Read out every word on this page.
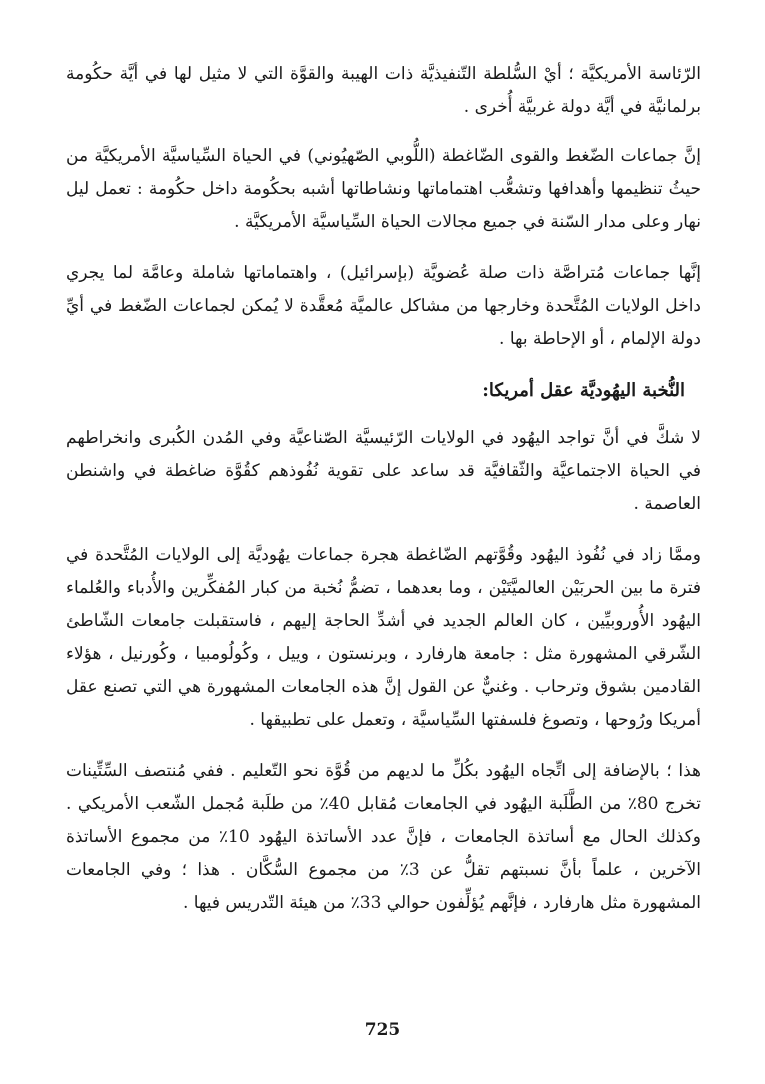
الرّئاسة الأمريكيَّة ؛ أيْ السُّلطة التّنفيذيَّة ذات الهيبة والقوَّة التي لا مثيل لها في أيَّة حكُومة برلمانيَّة في أيَّة دولة غربيَّة أُخرى .

إنَّ جماعات الضّغط والقوى الضّاغطة (اللُّوبي الصّهيُوني) في الحياة السِّياسيَّة الأمريكيَّة من حيثُ تنظيمها وأهدافها وتشعُّب اهتماماتها ونشاطاتها أشبه بحكُومة داخل حكُومة : تعمل ليل نهار وعلى مدار السّنة في جميع مجالات الحياة السِّياسيَّة الأمريكيَّة .

إنَّها جماعات مُتراصَّة ذات صلة عُضويَّة (بإسرائيل) ، واهتماماتها شاملة وعامَّة لما يجري داخل الولايات المُتَّحدة وخارجها من مشاكل عالميَّة مُعقَّدة لا يُمكن لجماعات الضّغط في أيِّ دولة الإلمام ، أو الإحاطة بها .

النُّخبة اليهُوديَّة عقل أمريكا:

لا شكَّ في أنَّ تواجد اليهُود في الولايات الرّئيسيَّة الصّناعيَّة وفي المُدن الكُبرى وانخراطهم في الحياة الاجتماعيَّة والثّقافيَّة قد ساعد على تقوية نُفُوذهم كقُوَّة ضاغطة في واشنطن العاصمة .

وممَّا زاد في نُفُوذ اليهُود وقُوَّتهم الضّاغطة هجرة جماعات يهُوديَّة إلى الولايات المُتَّحدة في فترة ما بين الحربَيْن العالميَّتَيْن ، وما بعدهما ، تضمُّ نُخبة من كبار المُفكِّرين والأُدباء والعُلماء اليهُود الأُوروبيِّين ، كان العالم الجديد في أشدِّ الحاجة إليهم ، فاستقبلت جامعات الشّاطئ الشّرقي المشهورة مثل : جامعة هارفارد ، وبرنستون ، وييل ، وكُولُومبيا ، وكُورنيل ، هؤلاء القادمين بشوق وترحاب . وغنيٌّ عن القول إنَّ هذه الجامعات المشهورة هي التي تصنع عقل أمريكا ورُوحها ، وتصوغ فلسفتها السِّياسيَّة ، وتعمل على تطبيقها .

هذا ؛ بالإضافة إلى اتِّجاه اليهُود بكُلِّ ما لديهم من قُوَّة نحو التّعليم . ففي مُنتصف السِّتِّينات تخرج 80٪ من الطَّلَبة اليهُود في الجامعات مُقابل 40٪ من طلَبة مُجمل الشّعب الأمريكي . وكذلك الحال مع أساتذة الجامعات ، فإنَّ عدد الأساتذة اليهُود 10٪ من مجموع الأساتذة الآخرين ، علماً بأنَّ نسبتهم تقلُّ عن 3٪ من مجموع السُّكَّان . هذا ؛ وفي الجامعات المشهورة مثل هارفارد ، فإنَّهم يُؤلِّفون حوالي 33٪ من هيئة التّدريس فيها .

725
